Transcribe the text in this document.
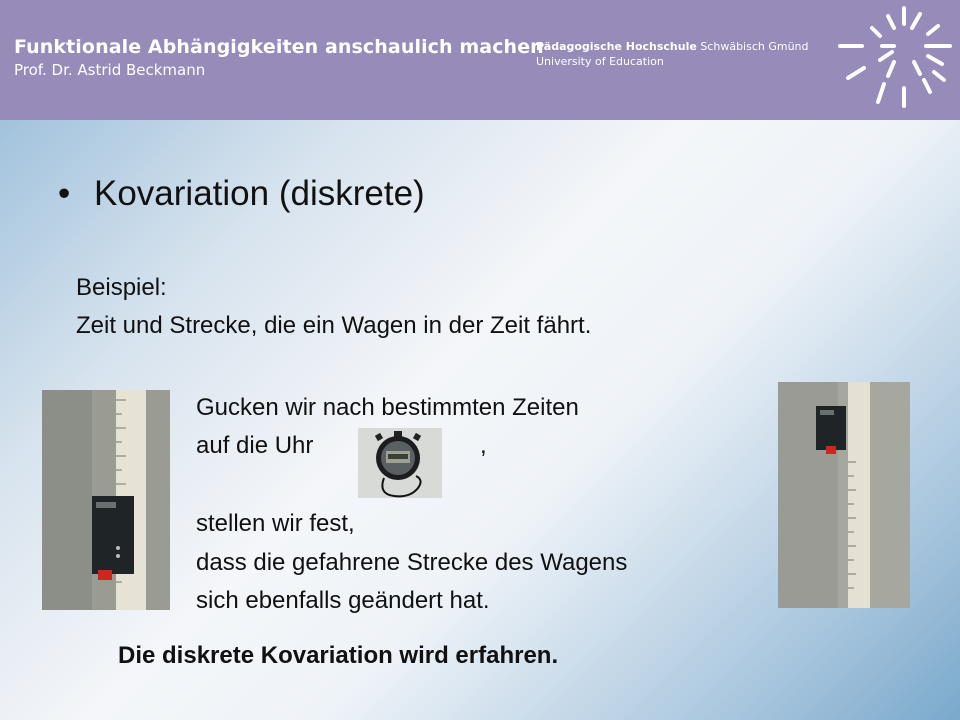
Funktionale Abhängigkeiten anschaulich machen
Prof. Dr. Astrid Beckmann
Pädagogische Hochschule Schwäbisch Gmünd
University of Education
• Kovariation (diskrete)
Beispiel:
Zeit und Strecke, die ein Wagen in der Zeit fährt.
Gucken wir nach bestimmten Zeiten
auf die Uhr	,
stellen wir fest,
dass die gefahrene Strecke des Wagens
sich ebenfalls geändert hat.
Die diskrete Kovariation wird erfahren.
